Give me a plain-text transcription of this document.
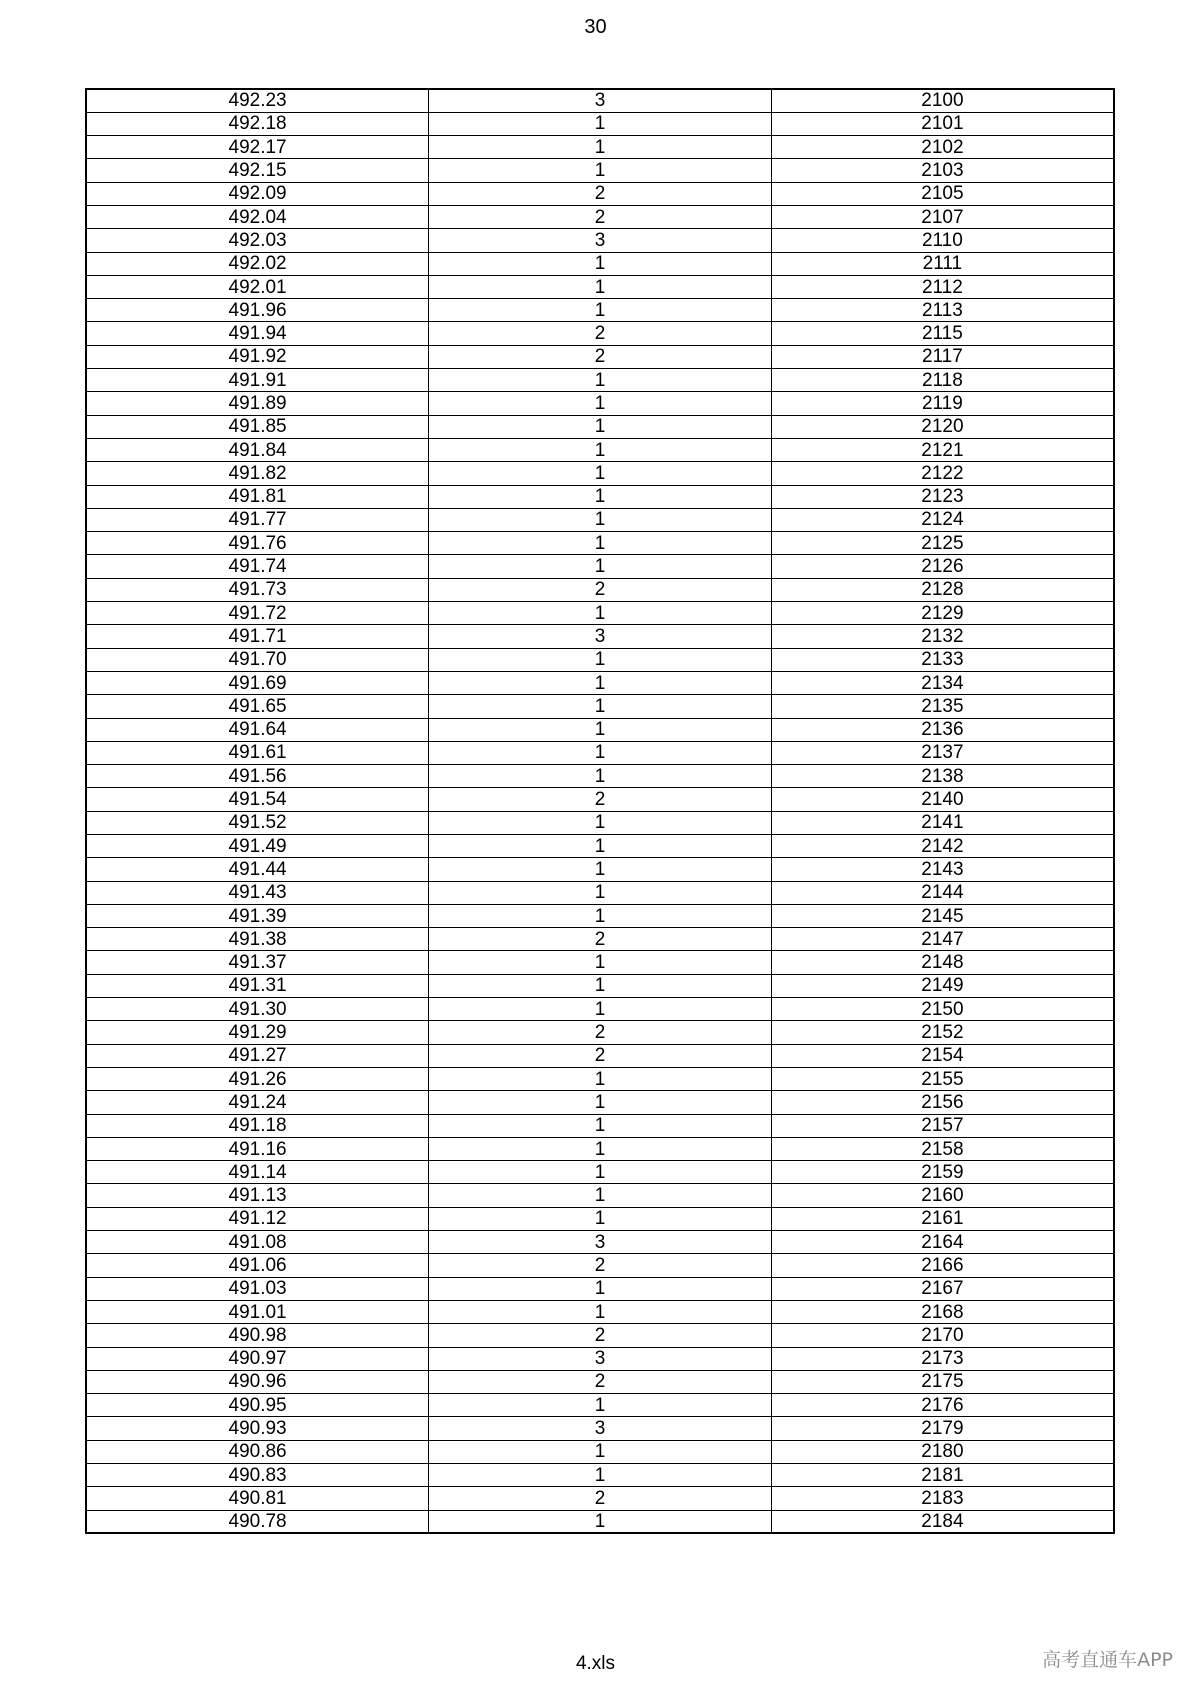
30
492.23	3	2100
492.18	1	2101
492.17	1	2102
492.15	1	2103
492.09	2	2105
492.04	2	2107
492.03	3	2110
492.02	1	2111
492.01	1	2112
491.96	1	2113
491.94	2	2115
491.92	2	2117
491.91	1	2118
491.89	1	2119
491.85	1	2120
491.84	1	2121
491.82	1	2122
491.81	1	2123
491.77	1	2124
491.76	1	2125
491.74	1	2126
491.73	2	2128
491.72	1	2129
491.71	3	2132
491.70	1	2133
491.69	1	2134
491.65	1	2135
491.64	1	2136
491.61	1	2137
491.56	1	2138
491.54	2	2140
491.52	1	2141
491.49	1	2142
491.44	1	2143
491.43	1	2144
491.39	1	2145
491.38	2	2147
491.37	1	2148
491.31	1	2149
491.30	1	2150
491.29	2	2152
491.27	2	2154
491.26	1	2155
491.24	1	2156
491.18	1	2157
491.16	1	2158
491.14	1	2159
491.13	1	2160
491.12	1	2161
491.08	3	2164
491.06	2	2166
491.03	1	2167
491.01	1	2168
490.98	2	2170
490.97	3	2173
490.96	2	2175
490.95	1	2176
490.93	3	2179
490.86	1	2180
490.83	1	2181
490.81	2	2183
490.78	1	2184
4.xls	高考直通车APP
